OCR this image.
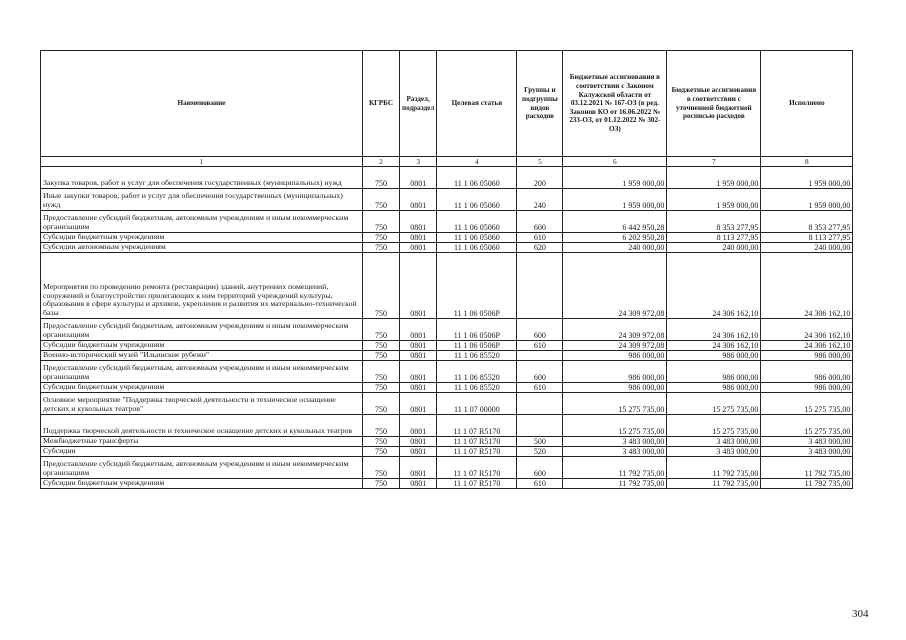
Наименование	КГРБС	Раздел, подраздел	Целевая статья	Группы и подгруппы видов расходов	Бюджетные ассигнования в соответствии с Законом Калужской области от 03.12.2021 № 167-ОЗ (в ред. Законов КО от 16.06.2022 № 233-ОЗ, от 01.12.2022 № 302-ОЗ)	Бюджетные ассигнования в соответствии с уточненной бюджетной росписью расходов	Исполнено
1	2	3	4	5	6	7	8
Закупка товаров, работ и услуг для обеспечения государственных (муниципальных) нужд	750	0801	11 1 06 05060	200	1 959 000,00	1 959 000,00	1 959 000,00
Иные закупки товаров, работ и услуг для обеспечения государственных (муниципальных) нужд	750	0801	11 1 06 05060	240	1 959 000,00	1 959 000,00	1 959 000,00
Предоставление субсидий бюджетным, автономным учреждениям и иным некоммерческим организациям	750	0801	11 1 06 05060	600	6 442 950,28	8 353 277,95	8 353 277,95
Субсидии бюджетным учреждениям	750	0801	11 1 06 05060	610	6 202 950,28	8 113 277,95	8 113 277,95
Субсидии автономным учреждениям	750	0801	11 1 06 05060	620	240 000,00	240 000,00	240 000,00
Мероприятия по проведению ремонта (реставрации) зданий, анутренних помещений, сооружений и благоустройство прилегающих к ним территорий учреждений культуры, образования в сфере культуры и архивов, укрепления и развития их материально-технической базы	750	0801	11 1 06 0506Р		24 309 972,08	24 306 162,10	24 306 162,10
Предоставление субсидий бюджетным, автономным учреждениям и иным некоммерческим организациям	750	0801	11 1 06 0506Р	600	24 309 972,08	24 306 162,10	24 306 162,10
Субсидии бюджетным учреждениям	750	0801	11 1 06 0506Р	610	24 309 972,08	24 306 162,10	24 306 162,10
Военно-исторический музей "Ильинские рубежи"	750	0801	11 1 06 85520		986 000,00	986 000,00	986 000,00
Предоставление субсидий бюджетным, автономным учреждениям и иным некоммерческим организациям	750	0801	11 1 06 85520	600	986 000,00	986 000,00	986 000,00
Субсидии бюджетным учреждениям	750	0801	11 1 06 85520	610	986 000,00	986 000,00	986 000,00
Основное мероприятие "Поддержка творческой деятельности и техническое оснащение детских и кукольных театров"	750	0801	11 1 07 00000		15 275 735,00	15 275 735,00	15 275 735,00
Поддержка творческой деятельности и техническое оснащение детских и кукольных театров	750	0801	11 1 07 R5170		15 275 735,00	15 275 735,00	15 275 735,00
Межбюджетные трансферты	750	0801	11 1 07 R5170	500	3 483 000,00	3 483 000,00	3 483 000,00
Субсидии	750	0801	11 1 07 R5170	520	3 483 000,00	3 483 000,00	3 483 000,00
Предоставление субсидий бюджетным, автономным учреждениям и иным некоммерческим организациям	750	0801	11 1 07 R5170	600	11 792 735,00	11 792 735,00	11 792 735,00
Субсидии бюджетным учреждениям	750	0801	11 1 07 R5170	610	11 792 735,00	11 792 735,00	11 792 735,00
304
